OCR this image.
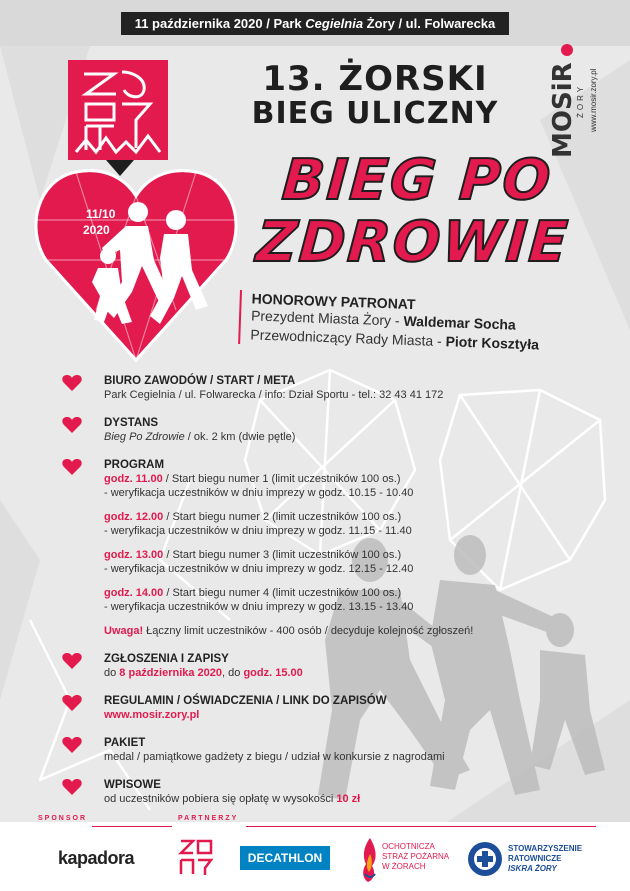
11 października 2020 / Park Cegielnia Żory / ul. Folwarecka
11/10
2020
13. ŻORSKI
BIEG ULICZNY	MOSiR
ŻORY www.mosir.zory.pl
BIEG PO
ZDROWIE
HONOROWY PATRONAT
Prezydent Miasta Żory - Waldemar Socha
Przewodniczący Rady Miasta - Piotr Kosztyła
BIURO ZAWODÓW / START / META
Park Cegielnia / ul. Folwarecka / info: Dział Sportu - tel.: 32 43 41 172
DYSTANS
Bieg Po Zdrowie / ok. 2 km (dwie pętle)
PROGRAM
godz. 11.00 / Start biegu numer 1 (limit uczestników 100 os.)
- weryfikacja uczestników w dniu imprezy w godz. 10.15 - 10.40
godz. 12.00 / Start biegu numer 2 (limit uczestników 100 os.)
- weryfikacja uczestników w dniu imprezy w godz. 11.15 - 11.40
godz. 13.00 / Start biegu numer 3 (limit uczestników 100 os.)
- weryfikacja uczestników w dniu imprezy w godz. 12.15 - 12.40
godz. 14.00 / Start biegu numer 4 (limit uczestników 100 os.)
- weryfikacja uczestników w dniu imprezy w godz. 13.15 - 13.40
Uwaga! Łączny limit uczestników - 400 osób / decyduje kolejność zgłoszeń!
ZGŁOSZENIA I ZAPISY
do 8 października 2020, do godz. 15.00
REGULAMIN / OŚWIADCZENIA / LINK DO ZAPISÓW
www.mosir.zory.pl
PAKIET
medal / pamiątkowe gadżety z biegu / udział w konkursie z nagrodami
WPISOWE
od uczestników pobiera się opłatę w wysokości 10 zł
SPONSOR	PARTNERZY
kapadora	DECATHLON
OCHOTNICZA
STRAŻ POŻARNA
W ŻORACH
STOWARZYSZENIE
RATOWNICZE
ISKRA ŻORY
